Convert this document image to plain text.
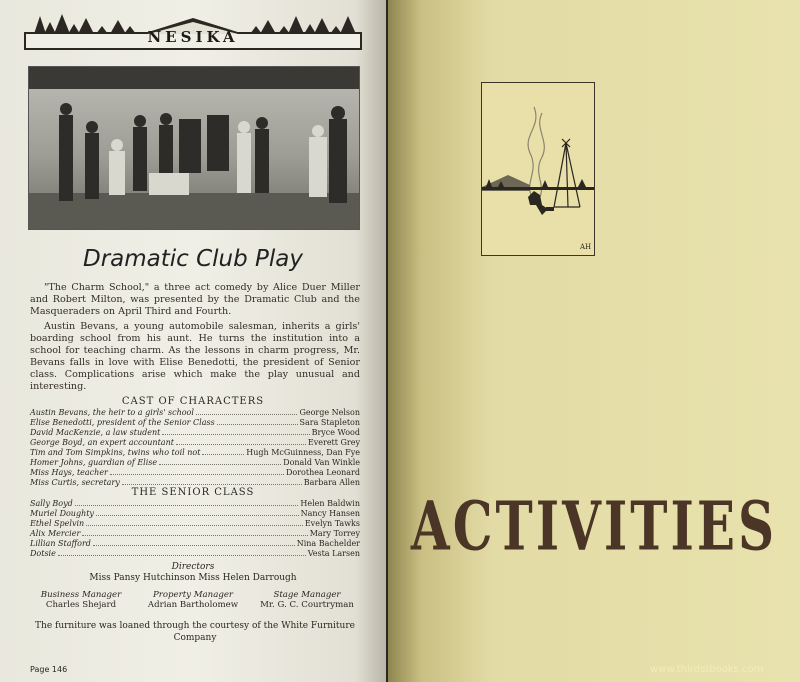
NESIKA
Dramatic Club Play
"The Charm School," a three act comedy by Alice Duer Miller and Robert Milton, was presented by the Dramatic Club and the Masqueraders on April Third and Fourth.
Austin Bevans, a young automobile salesman, inherits a girls' boarding school from his aunt. He turns the institution into a school for teaching charm. As the lessons in charm progress, Mr. Bevans falls in love with Elise Benedotti, the president of Senior class. Complications arise which make the play unusual and interesting.
CAST OF CHARACTERS
Austin Bevans, the heir to a girls' school	George Nelson
Elise Benedotti, president of the Senior Class	Sara Stapleton
David MacKenzie, a law student	Bryce Wood
George Boyd, an expert accountant	Everett Grey
Tim and Tom Simpkins, twins who toil not	Hugh McGuinness, Dan Fye
Homer Johns, guardian of Elise	Donald Van Winkle
Miss Hays, teacher	Dorothea Leonard
Miss Curtis, secretary	Barbara Allen
THE SENIOR CLASS
Sally Boyd	Helen Baldwin
Muriel Doughty	Nancy Hansen
Ethel Spelvin	Evelyn Tawks
Alix Mercier	Mary Torrey
Lillian Stafford	Nina Bachelder
Dotsie	Vesta Larsen
Directors
Miss Pansy Hutchinson Miss Helen Darrough
Business Manager
Charles Shejard
Property Manager
Adrian Bartholomew
Stage Manager
Mr. G. C. Courtryman
The furniture was loaned through the courtesy of the White Furniture Company
Page 146
AH
ACTIVITIES
www.thirdstbooks.com
